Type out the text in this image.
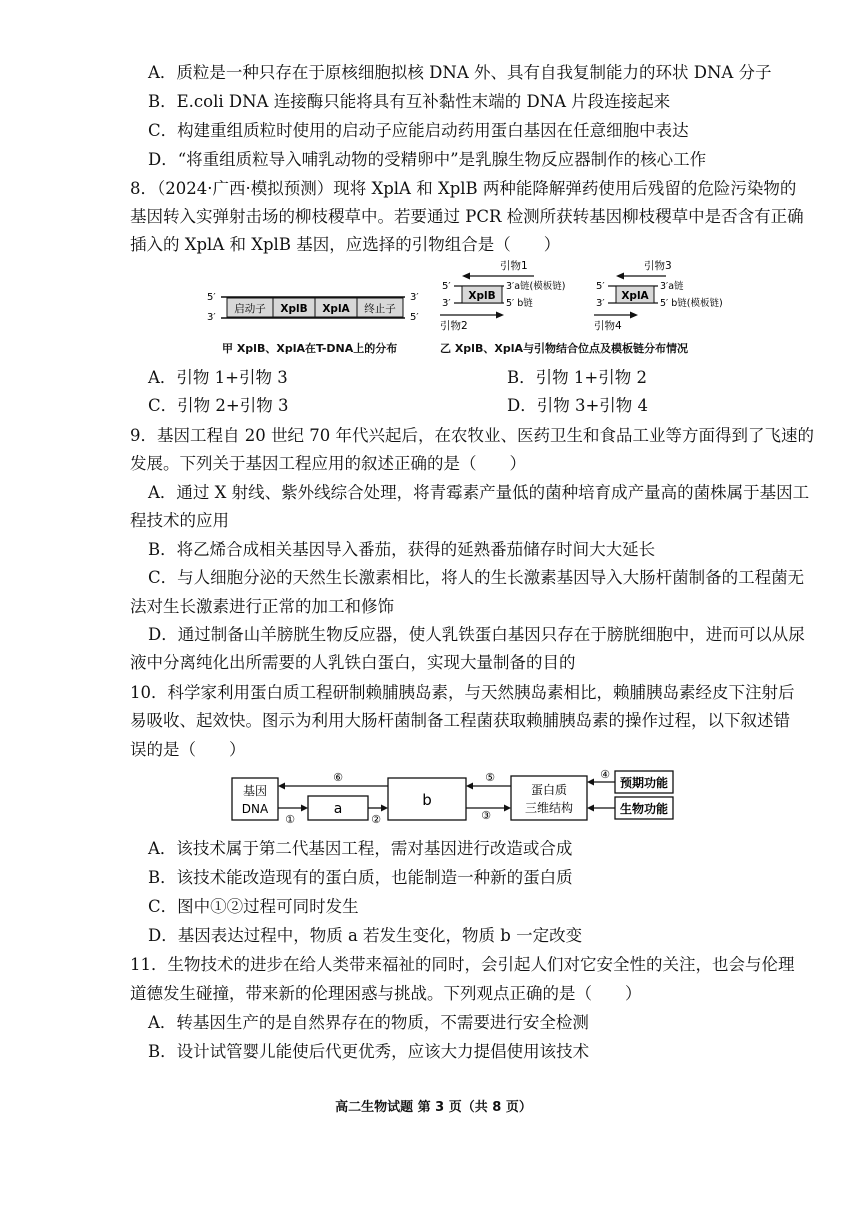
A．质粒是一种只存在于原核细胞拟核 DNA 外、具有自我复制能力的环状 DNA 分子
B．E.coli DNA 连接酶只能将具有互补黏性末端的 DNA 片段连接起来
C．构建重组质粒时使用的启动子应能启动药用蛋白基因在任意细胞中表达
D．“将重组质粒导入哺乳动物的受精卵中”是乳腺生物反应器制作的核心工作
8．（2024·广西·模拟预测）现将 XplA 和 XplB 两种能降解弹药使用后残留的危险污染物的
基因转入实弹射击场的柳枝稷草中。若要通过 PCR 检测所获转基因柳枝稷草中是否含有正确
插入的 XplA 和 XplB 基因，应选择的引物组合是（　　）
5′
3′
启动子 XplB XplA 终止子
3′
5′
甲 XplB、XplA在T-DNA上的分布
引物1
5′
3′
XplB
3′a链(模板链)
5′ b链
引物2
引物3
5′
3′
XplA
3′a链
5′ b链(模板链)
引物4
乙 XplB、XplA与引物结合位点及模板链分布情况
A．引物 1+引物 3	B．引物 1+引物 2
C．引物 2+引物 3	D．引物 3+引物 4
9．基因工程自 20 世纪 70 年代兴起后，在农牧业、医药卫生和食品工业等方面得到了飞速的
发展。下列关于基因工程应用的叙述正确的是（　　）
A．通过 X 射线、紫外线综合处理，将青霉素产量低的菌种培育成产量高的菌株属于基因工
程技术的应用
B．将乙烯合成相关基因导入番茄，获得的延熟番茄储存时间大大延长
C．与人细胞分泌的天然生长激素相比，将人的生长激素基因导入大肠杆菌制备的工程菌无
法对生长激素进行正常的加工和修饰
D．通过制备山羊膀胱生物反应器，使人乳铁蛋白基因只存在于膀胱细胞中，进而可以从尿
液中分离纯化出所需要的人乳铁白蛋白，实现大量制备的目的
10．科学家利用蛋白质工程研制赖脯胰岛素，与天然胰岛素相比，赖脯胰岛素经皮下注射后
易吸收、起效快。图示为利用大肠杆菌制备工程菌获取赖脯胰岛素的操作过程，以下叙述错
误的是（　　）
基因
DNA	a	b
蛋白质
三维结构
预期功能
生物功能
①	②	③
⑤
⑥	④
A．该技术属于第二代基因工程，需对基因进行改造或合成
B．该技术能改造现有的蛋白质，也能制造一种新的蛋白质
C．图中①②过程可同时发生
D．基因表达过程中，物质 a 若发生变化，物质 b 一定改变
11．生物技术的进步在给人类带来福祉的同时，会引起人们对它安全性的关注，也会与伦理
道德发生碰撞，带来新的伦理困惑与挑战。下列观点正确的是（　　）
A．转基因生产的是自然界存在的物质，不需要进行安全检测
B．设计试管婴儿能使后代更优秀，应该大力提倡使用该技术
高二生物试题 第 3 页（共 8 页）
